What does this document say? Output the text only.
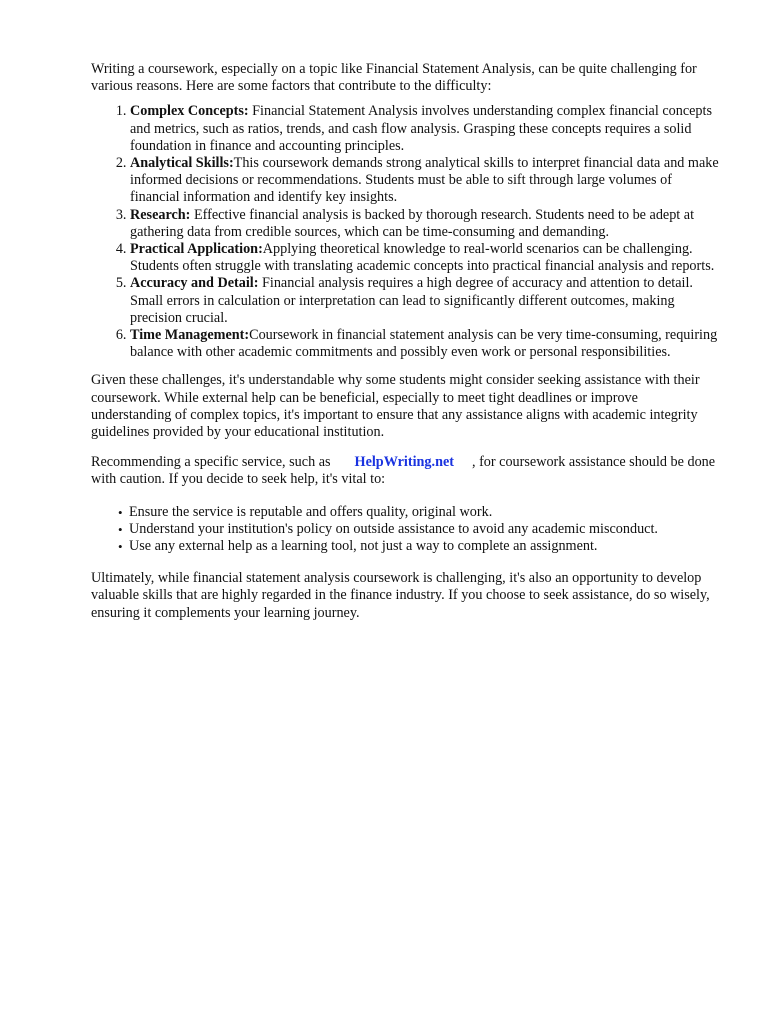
Writing a coursework, especially on a topic like Financial Statement Analysis, can be quite challenging for various reasons. Here are some factors that contribute to the difficulty:

1. Complex Concepts: Financial Statement Analysis involves understanding complex financial concepts and metrics, such as ratios, trends, and cash flow analysis. Grasping these concepts requires a solid foundation in finance and accounting principles.
2. Analytical Skills:This coursework demands strong analytical skills to interpret financial data and make informed decisions or recommendations. Students must be able to sift through large volumes of financial information and identify key insights.
3. Research: Effective financial analysis is backed by thorough research. Students need to be adept at gathering data from credible sources, which can be time-consuming and demanding.
4. Practical Application:Applying theoretical knowledge to real-world scenarios can be challenging. Students often struggle with translating academic concepts into practical financial analysis and reports.
5. Accuracy and Detail: Financial analysis requires a high degree of accuracy and attention to detail. Small errors in calculation or interpretation can lead to significantly different outcomes, making precision crucial.
6. Time Management:Coursework in financial statement analysis can be very time-consuming, requiring balance with other academic commitments and possibly even work or personal responsibilities.

Given these challenges, it's understandable why some students might consider seeking assistance with their coursework. While external help can be beneficial, especially to meet tight deadlines or improve understanding of complex topics, it's important to ensure that any assistance aligns with academic integrity guidelines provided by your educational institution.

Recommending a specific service, such as HelpWriting.net , for coursework assistance should be done with caution. If you decide to seek help, it's vital to:

• Ensure the service is reputable and offers quality, original work.
• Understand your institution's policy on outside assistance to avoid any academic misconduct.
• Use any external help as a learning tool, not just a way to complete an assignment.

Ultimately, while financial statement analysis coursework is challenging, it's also an opportunity to develop valuable skills that are highly regarded in the finance industry. If you choose to seek assistance, do so wisely, ensuring it complements your learning journey.
